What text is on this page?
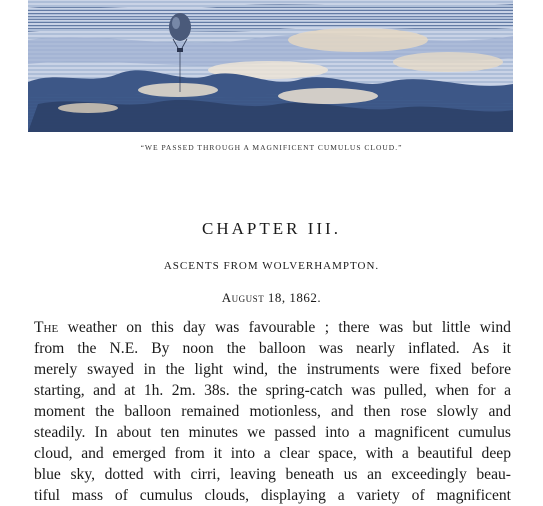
“WE PASSED THROUGH A MAGNIFICENT CUMULUS CLOUD.”
CHAPTER III.
ASCENTS FROM WOLVERHAMPTON.
August 18, 1862.
The weather on this day was favourable ; there was but little wind
from the N.E. By noon the balloon was nearly inflated. As it
merely swayed in the light wind, the instruments were fixed before
starting, and at 1h. 2m. 38s. the spring-catch was pulled, when for a
moment the balloon remained motionless, and then rose slowly and
steadily. In about ten minutes we passed into a magnificent cumulus
cloud, and emerged from it into a clear space, with a beautiful deep
blue sky, dotted with cirri, leaving beneath us an exceedingly beau-
tiful mass of cumulus clouds, displaying a variety of magnificent
